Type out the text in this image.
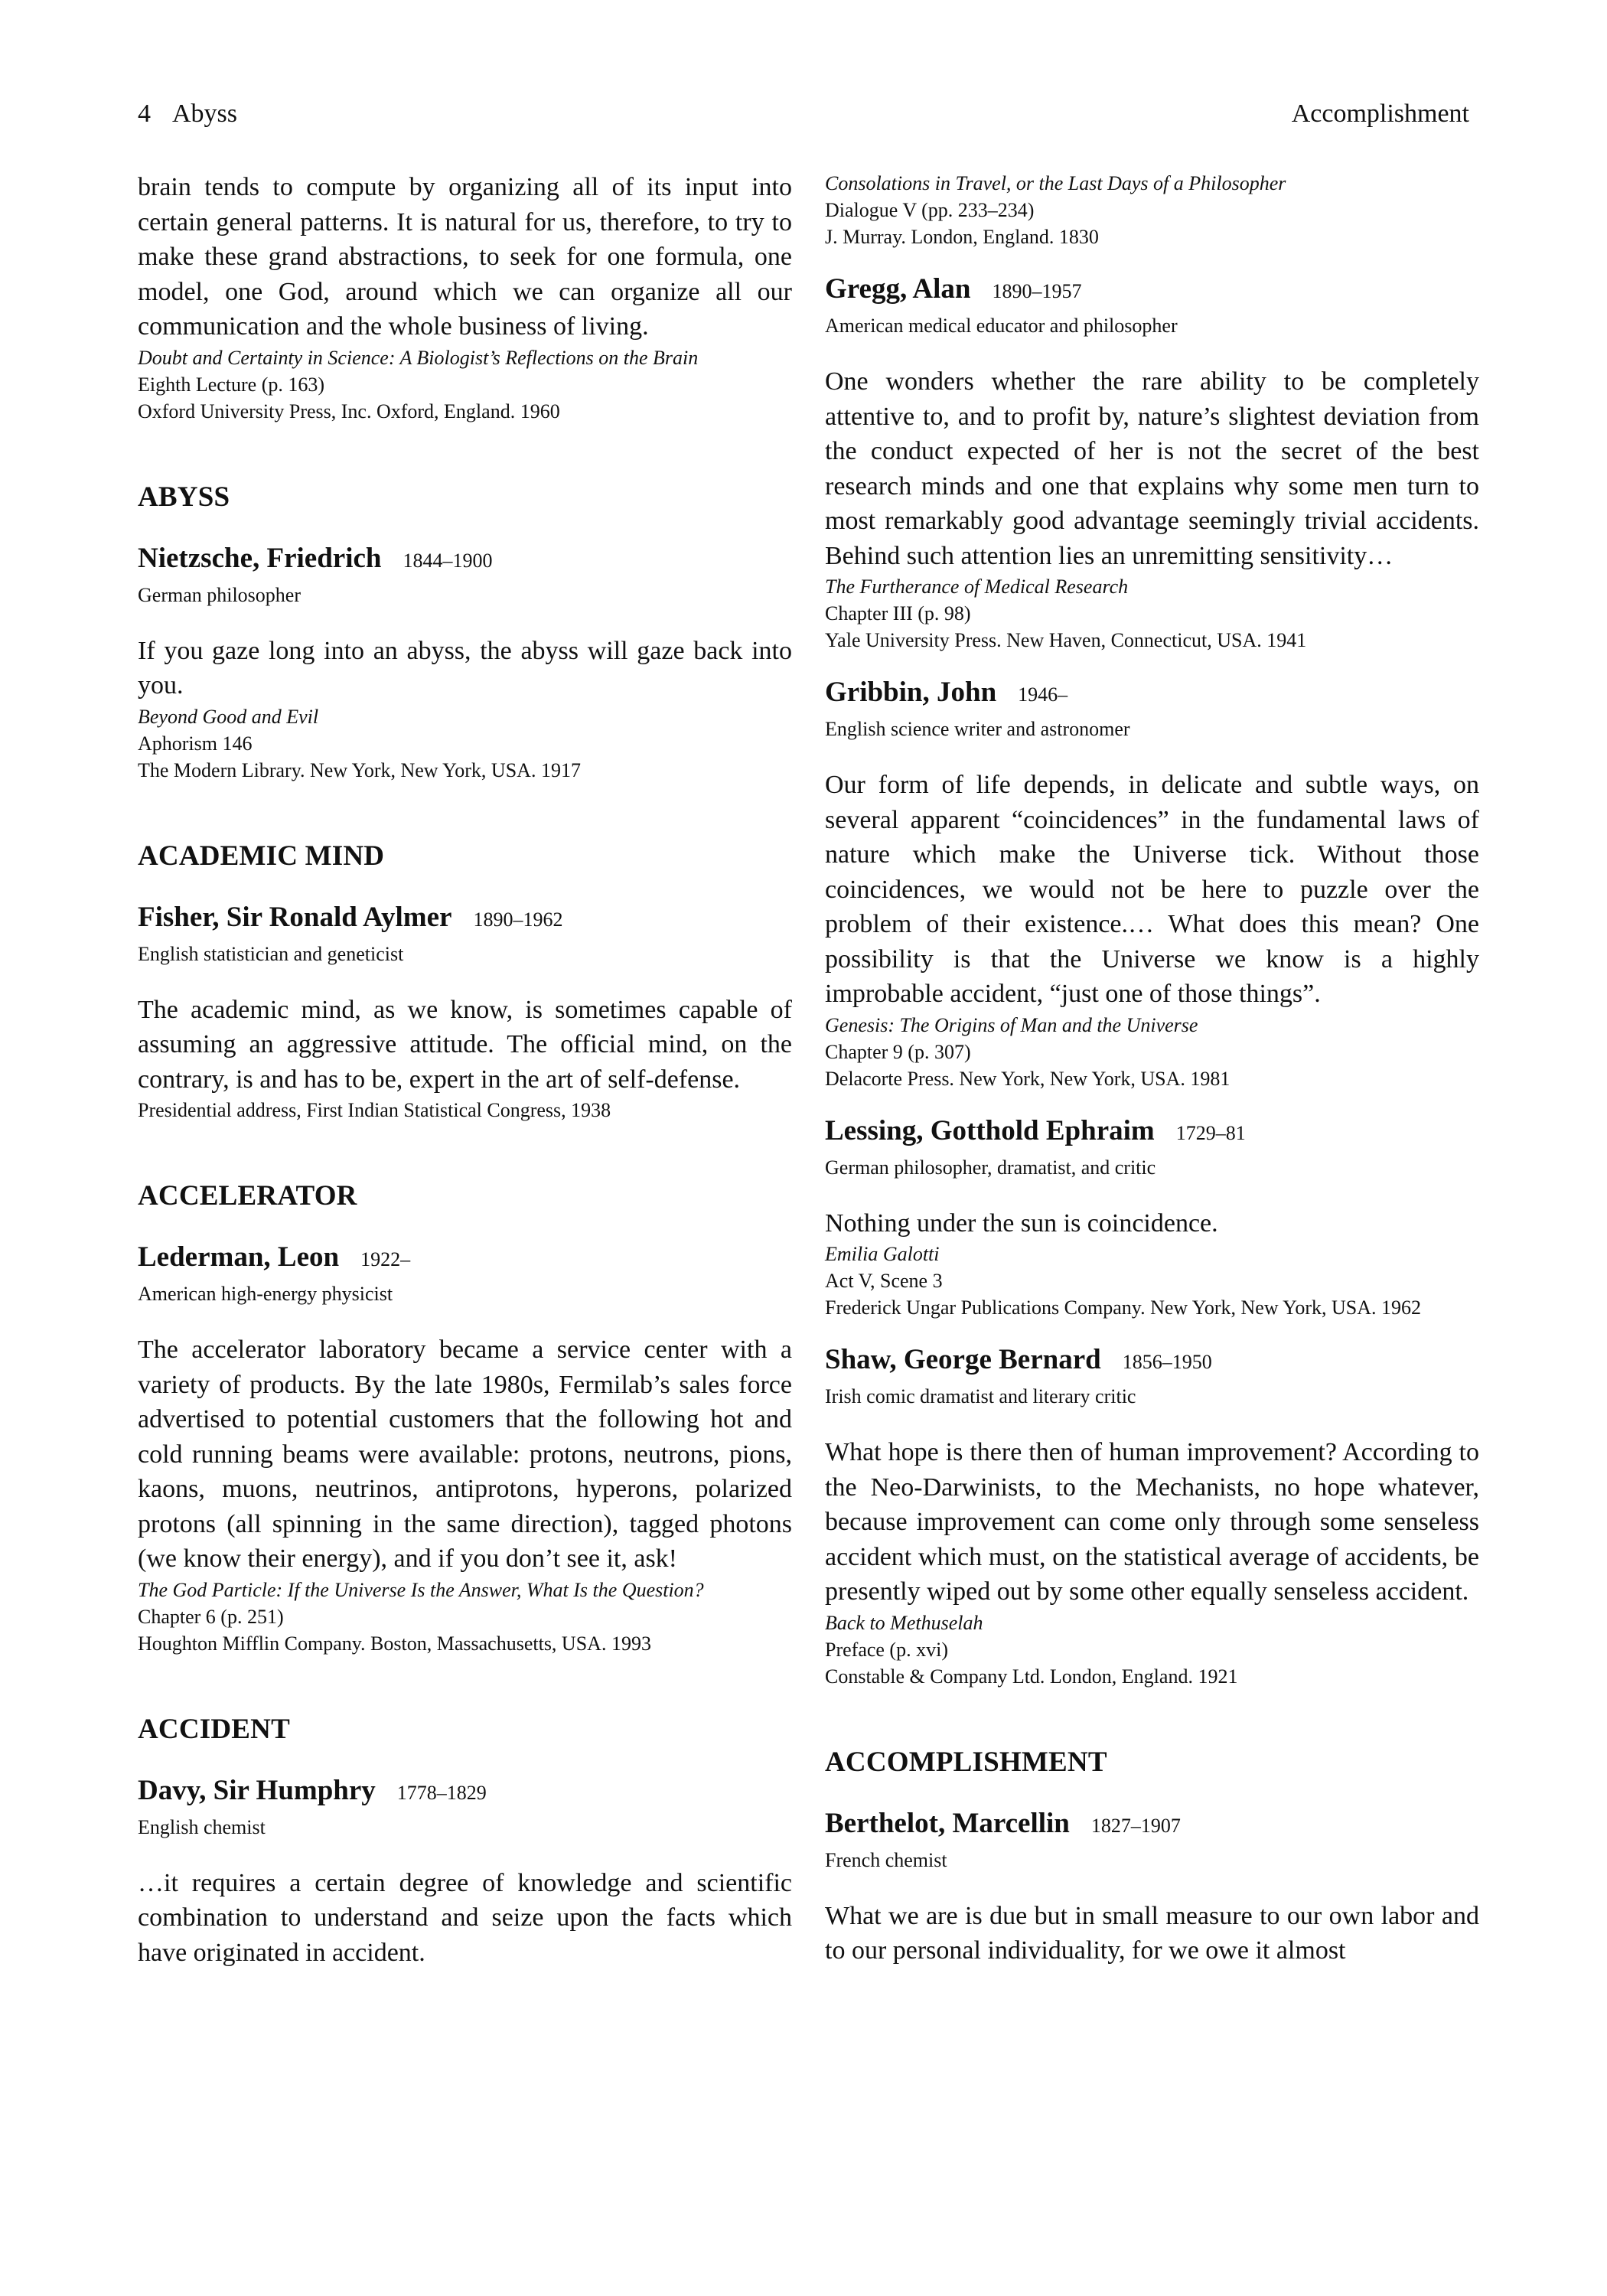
4 Abyss	Accomplishment

brain tends to compute by organizing all of its input into certain general patterns. It is natural for us, therefore, to try to make these grand abstractions, to seek for one formula, one model, one God, around which we can organize all our communication and the whole business of living.

Doubt and Certainty in Science: A Biologist’s Reflections on the Brain

Eighth Lecture (p. 163)

Oxford University Press, Inc. Oxford, England. 1960

ABYSS

Nietzsche, Friedrich 1844–1900

German philosopher

If you gaze long into an abyss, the abyss will gaze back into you.

Beyond Good and Evil

Aphorism 146

The Modern Library. New York, New York, USA. 1917

ACADEMIC MIND

Fisher, Sir Ronald Aylmer 1890–1962

English statistician and geneticist

The academic mind, as we know, is sometimes capable of assuming an aggressive attitude. The official mind, on the contrary, is and has to be, expert in the art of self-defense.

Presidential address, First Indian Statistical Congress, 1938

ACCELERATOR

Lederman, Leon 1922–

American high-energy physicist

The accelerator laboratory became a service center with a variety of products. By the late 1980s, Fermilab’s sales force advertised to potential customers that the following hot and cold running beams were available: protons, neutrons, pions, kaons, muons, neutrinos, antiprotons, hyperons, polarized protons (all spinning in the same direction), tagged photons (we know their energy), and if you don’t see it, ask!

The God Particle: If the Universe Is the Answer, What Is the Question?

Chapter 6 (p. 251)

Houghton Mifflin Company. Boston, Massachusetts, USA. 1993

ACCIDENT

Davy, Sir Humphry 1778–1829

English chemist

…it requires a certain degree of knowledge and scientific combination to understand and seize upon the facts which have originated in accident.

Consolations in Travel, or the Last Days of a Philosopher

Dialogue V (pp. 233–234)

J. Murray. London, England. 1830

Gregg, Alan 1890–1957

American medical educator and philosopher

One wonders whether the rare ability to be completely attentive to, and to profit by, nature’s slightest deviation from the conduct expected of her is not the secret of the best research minds and one that explains why some men turn to most remarkably good advantage seemingly trivial accidents. Behind such attention lies an unremitting sensitivity…

The Furtherance of Medical Research

Chapter III (p. 98)

Yale University Press. New Haven, Connecticut, USA. 1941

Gribbin, John 1946–

English science writer and astronomer

Our form of life depends, in delicate and subtle ways, on several apparent “coincidences” in the fundamental laws of nature which make the Universe tick. Without those coincidences, we would not be here to puzzle over the problem of their existence.… What does this mean? One possibility is that the Universe we know is a highly improbable accident, “just one of those things”.

Genesis: The Origins of Man and the Universe

Chapter 9 (p. 307)

Delacorte Press. New York, New York, USA. 1981

Lessing, Gotthold Ephraim 1729–81

German philosopher, dramatist, and critic

Nothing under the sun is coincidence.

Emilia Galotti

Act V, Scene 3

Frederick Ungar Publications Company. New York, New York, USA. 1962

Shaw, George Bernard 1856–1950

Irish comic dramatist and literary critic

What hope is there then of human improvement? According to the Neo-Darwinists, to the Mechanists, no hope whatever, because improvement can come only through some senseless accident which must, on the statistical average of accidents, be presently wiped out by some other equally senseless accident.

Back to Methuselah

Preface (p. xvi)

Constable & Company Ltd. London, England. 1921

ACCOMPLISHMENT

Berthelot, Marcellin 1827–1907

French chemist

What we are is due but in small measure to our own labor and to our personal individuality, for we owe it almost
